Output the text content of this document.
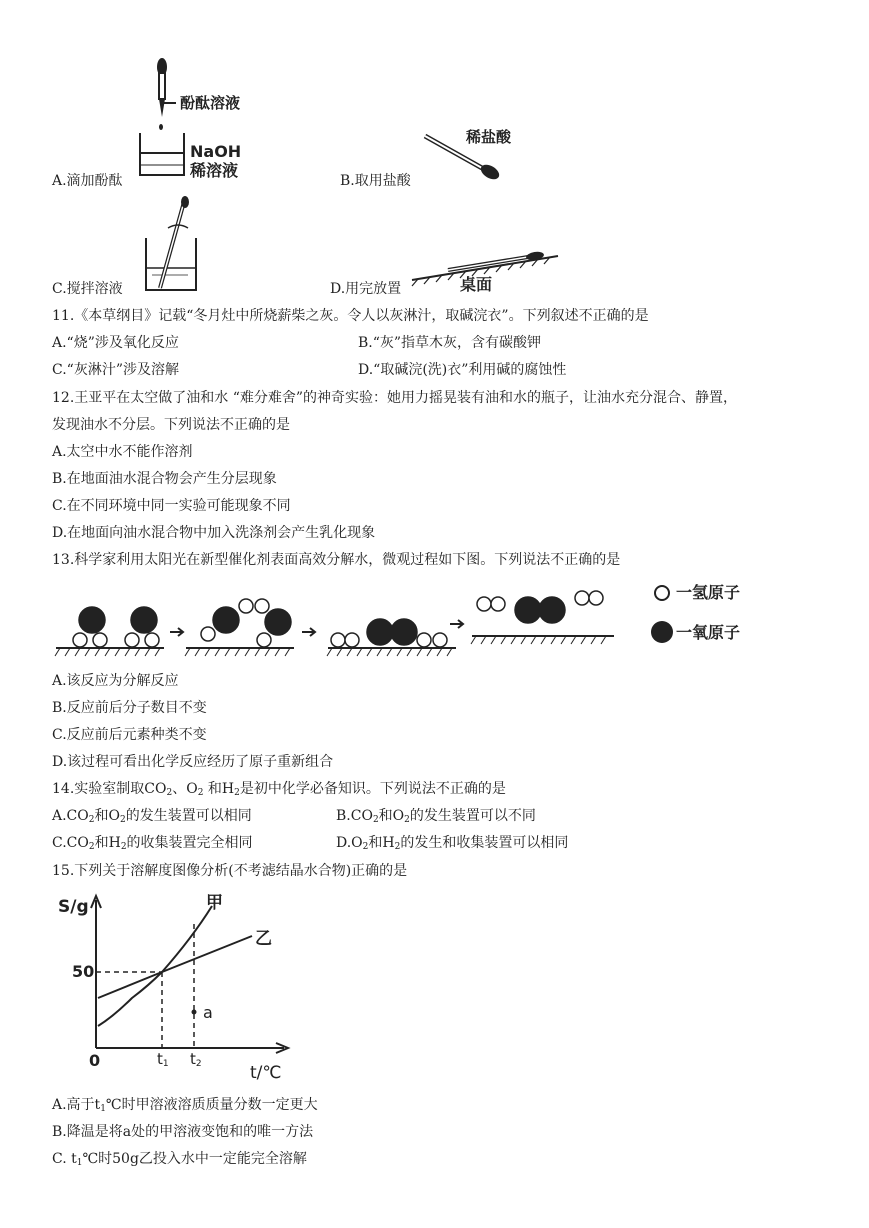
酚酞溶液
NaOH
稀溶液
A.滴加酚酞
稀盐酸
B.取用盐酸
C.搅拌溶液	桌面
D.用完放置
11.《本草纲目》记载“冬月灶中所烧薪柴之灰。令人以灰淋汁，取碱浣衣”。下列叙述不正确的是
A.“烧”涉及氧化反应	B.“灰”指草木灰，含有碳酸钾
C.“灰淋汁”涉及溶解	D.“取碱浣(洗)衣”利用碱的腐蚀性
12.王亚平在太空做了油和水 “难分难舍”的神奇实验：她用力摇晃装有油和水的瓶子，让油水充分混合、静置，
发现油水不分层。下列说法不正确的是
A.太空中水不能作溶剂
B.在地面油水混合物会产生分层现象
C.在不同环境中同一实验可能现象不同
D.在地面向油水混合物中加入洗涤剂会产生乳化现象
13.科学家利用太阳光在新型催化剂表面高效分解水，微观过程如下图。下列说法不正确的是
一氢原子
一氧原子
A.该反应为分解反应
B.反应前后分子数目不变
C.反应前后元素种类不变
D.该过程可看出化学反应经历了原子重新组合
14.实验室制取$CO_2$、$O_2$ 和$H_2$是初中化学必备知识。下列说法不正确的是
$A.CO_2$和$O_2$的发生装置可以相同	$B.CO_2$和$O_2$的发生装置可以不同
$C.CO_2$和$H_2$的收集装置完全相同	$D.O_2$和$H_2$的发生和收集装置可以相同
15.下列关于溶解度图像分析(不考滤结晶水合物)正确的是
S/g	甲
乙
50
a
0	$t_1$ $t_2$	t/℃
A.高于$t_1℃$时甲溶液溶质质量分数一定更大
B.降温是将a处的甲溶液变饱和的唯一方法
C. $t_1℃$时50g乙投入水中一定能完全溶解
